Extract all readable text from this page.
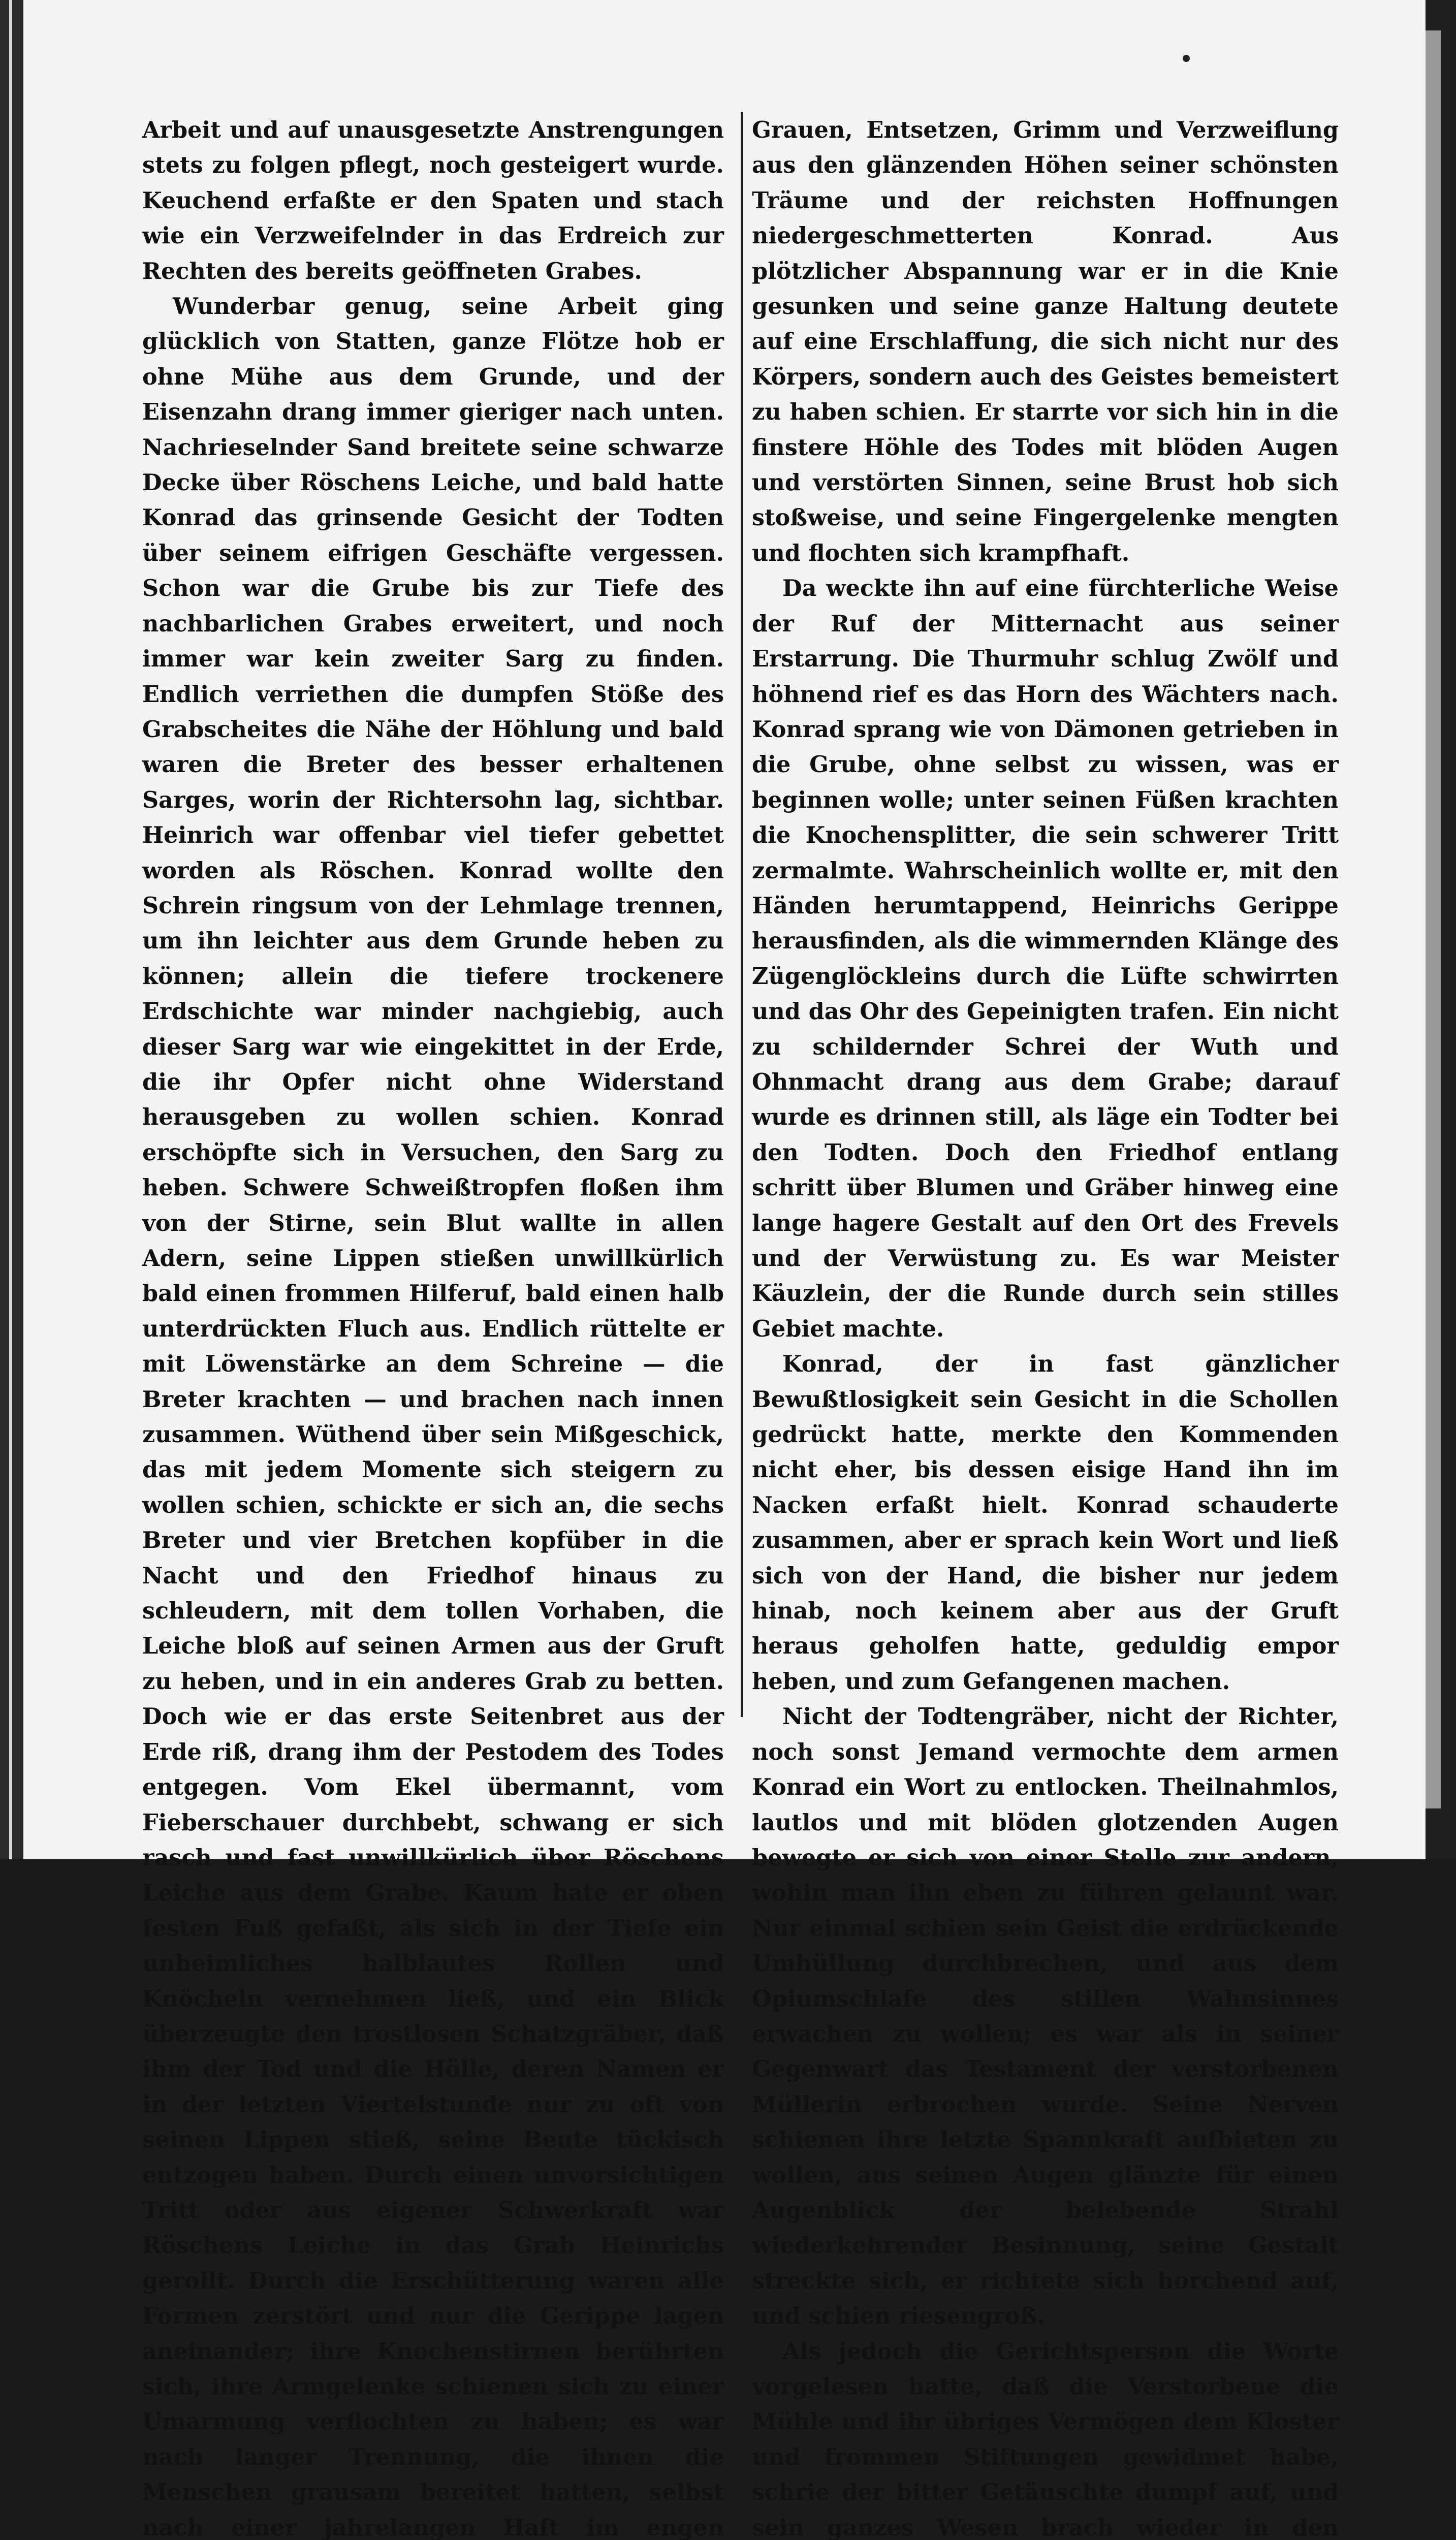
Arbeit und auf unausgesetzte Anstrengungen stets zu folgen pflegt, noch gesteigert wurde. Keuchend erfaßte er den Spaten und stach wie ein Verzweifelnder in das Erdreich zur Rechten des bereits geöffneten Grabes.

Wunderbar genug, seine Arbeit ging glücklich von Statten, ganze Flötze hob er ohne Mühe aus dem Grunde, und der Eisenzahn drang immer gieriger nach unten. Nachrieselnder Sand breitete seine schwarze Decke über Röschens Leiche, und bald hatte Konrad das grinsende Gesicht der Todten über seinem eifrigen Geschäfte vergessen. Schon war die Grube bis zur Tiefe des nachbarlichen Grabes erweitert, und noch immer war kein zweiter Sarg zu finden. Endlich verriethen die dumpfen Stöße des Grabscheites die Nähe der Höhlung und bald waren die Breter des besser erhaltenen Sarges, worin der Richtersohn lag, sichtbar. Heinrich war offenbar viel tiefer gebettet worden als Röschen. Konrad wollte den Schrein ringsum von der Lehmlage trennen, um ihn leichter aus dem Grunde heben zu können; allein die tiefere trockenere Erdschichte war minder nachgiebig, auch dieser Sarg war wie eingekittet in der Erde, die ihr Opfer nicht ohne Widerstand herausgeben zu wollen schien. Konrad erschöpfte sich in Versuchen, den Sarg zu heben. Schwere Schweißtropfen floßen ihm von der Stirne, sein Blut wallte in allen Adern, seine Lippen stießen unwillkürlich bald einen frommen Hilferuf, bald einen halb unterdrückten Fluch aus. Endlich rüttelte er mit Löwenstärke an dem Schreine — die Breter krachten — und brachen nach innen zusammen. Wüthend über sein Mißgeschick, das mit jedem Momente sich steigern zu wollen schien, schickte er sich an, die sechs Breter und vier Bretchen kopfüber in die Nacht und den Friedhof hinaus zu schleudern, mit dem tollen Vorhaben, die Leiche bloß auf seinen Armen aus der Gruft zu heben, und in ein anderes Grab zu betten. Doch wie er das erste Seitenbret aus der Erde riß, drang ihm der Pestodem des Todes entgegen. Vom Ekel übermannt, vom Fieberschauer durchbebt, schwang er sich rasch und fast unwillkürlich über Röschens Leiche aus dem Grabe. Kaum hate er oben festen Fuß gefaßt, als sich in der Tiefe ein unheimliches halblautes Rollen und Knöcheln vernehmen ließ, und ein Blick überzeugte den trostlosen Schatzgräber, daß ihm der Tod und die Hölle, deren Namen er in der letzten Viertelstunde nur zu oft von seinen Lippen stieß, seine Beute tückisch entzogen haben. Durch einen unvorsichtigen Tritt oder aus eigener Schwerkraft war Röschens Leiche in das Grab Heinrichs gerollt. Durch die Erschütterung waren alle Formen zerstört und nur die Gerippe lagen aneinander; ihre Knochenstirnen berührten sich, ihre Armgelenke schienen sich zu einer Umarmung verflochten zu haben; es war nach langer Trennung, die ihnen die Menschen grausam bereitet hatten, selbst nach einer jahrelangen Haft im engen

Grauen, Entsetzen, Grimm und Verzweiflung aus den glänzenden Höhen seiner schönsten Träume und der reichsten Hoffnungen niedergeschmetterten Konrad. Aus plötzlicher Abspannung war er in die Knie gesunken und seine ganze Haltung deutete auf eine Erschlaffung, die sich nicht nur des Körpers, sondern auch des Geistes bemeistert zu haben schien. Er starrte vor sich hin in die finstere Höhle des Todes mit blöden Augen und verstörten Sinnen, seine Brust hob sich stoßweise, und seine Fingergelenke mengten und flochten sich krampfhaft.

Da weckte ihn auf eine fürchterliche Weise der Ruf der Mitternacht aus seiner Erstarrung. Die Thurmuhr schlug Zwölf und höhnend rief es das Horn des Wächters nach. Konrad sprang wie von Dämonen getrieben in die Grube, ohne selbst zu wissen, was er beginnen wolle; unter seinen Füßen krachten die Knochensplitter, die sein schwerer Tritt zermalmte. Wahrscheinlich wollte er, mit den Händen herumtappend, Heinrichs Gerippe herausfinden, als die wimmernden Klänge des Zügenglöckleins durch die Lüfte schwirrten und das Ohr des Gepeinigten trafen. Ein nicht zu schildernder Schrei der Wuth und Ohnmacht drang aus dem Grabe; darauf wurde es drinnen still, als läge ein Todter bei den Todten. Doch den Friedhof entlang schritt über Blumen und Gräber hinweg eine lange hagere Gestalt auf den Ort des Frevels und der Verwüstung zu. Es war Meister Käuzlein, der die Runde durch sein stilles Gebiet machte.

Konrad, der in fast gänzlicher Bewußtlosigkeit sein Gesicht in die Schollen gedrückt hatte, merkte den Kommenden nicht eher, bis dessen eisige Hand ihn im Nacken erfaßt hielt. Konrad schauderte zusammen, aber er sprach kein Wort und ließ sich von der Hand, die bisher nur jedem hinab, noch keinem aber aus der Gruft heraus geholfen hatte, geduldig empor heben, und zum Gefangenen machen.

Nicht der Todtengräber, nicht der Richter, noch sonst Jemand vermochte dem armen Konrad ein Wort zu entlocken. Theilnahmlos, lautlos und mit blöden glotzenden Augen bewegte er sich von einer Stelle zur andern, wohin man ihn eben zu führen gelaunt war. Nur einmal schien sein Geist die erdrückende Umhüllung durchbrechen, und aus dem Opiumschlafe des stillen Wahnsinnes erwachen zu wollen; es war als in seiner Gegenwart das Testament der verstorbenen Müllerin erbrochen wurde. Seine Nerven schienen ihre letzte Spannkraft aufbieten zu wollen, aus seinen Augen glänzte für einen Augenblick der belebende Strahl wiederkehrender Besinnung, seine Gestalt streckte sich, er richtete sich horchend auf, und schien riesengroß.

Als jedoch die Gerichtsperson die Worte vorgelesen hatte, daß die Verstorbene die Mühle und ihr übriges Vermögen dem Kloster und frommen Stiftungen gewidmet habe, schrie der bitter Getäuschte dumpf auf, und sein ganzes Wesen brach wieder in den
